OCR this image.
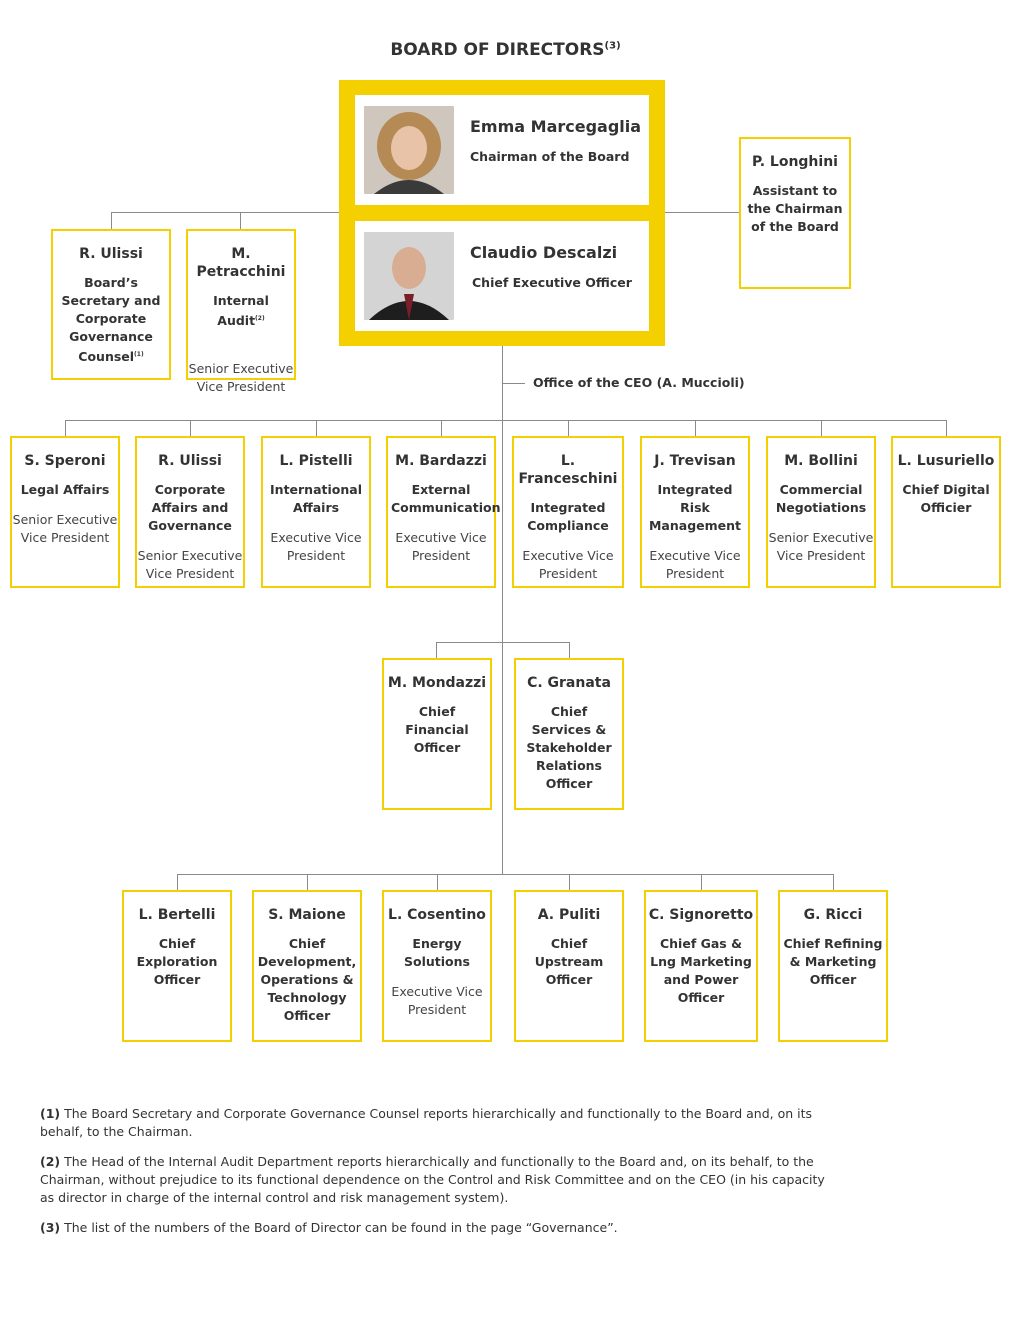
BOARD OF DIRECTORS$^{(3)}$
Emma Marcegaglia
Chairman of the Board
Claudio Descalzi
Chief Executive Officer
P. Longhini
Assistant to the Chairman of the Board
R. Ulissi
Board’s Secretary and Corporate Governance Counsel$^{(1)}$
M. Petracchini
Internal Audit$^{(2)}$
Senior Executive Vice President	Office of the CEO (A. Muccioli)
S. Speroni
Legal Affairs
Senior Executive Vice President
R. Ulissi
Corporate Affairs and Governance
Senior Executive Vice President
L. Pistelli
International Affairs
Executive Vice President
M. Bardazzi
External Communication
Executive Vice President
L. Franceschini
Integrated Compliance
Executive Vice President
J. Trevisan
Integrated Risk Management
Executive Vice President
M. Bollini
Commercial Negotiations
Senior Executive Vice President
L. Lusuriello
Chief Digital Officier
M. Mondazzi
Chief Financial Officer
C. Granata
Chief Services & Stakeholder Relations Officer
L. Bertelli
Chief Exploration Officer
S. Maione
Chief Development, Operations & Technology Officer
L. Cosentino
Energy Solutions
Executive Vice President
A. Puliti
Chief Upstream Officer
C. Signoretto
Chief Gas & Lng Marketing and Power Officer
G. Ricci
Chief Refining & Marketing Officer

(1) The Board Secretary and Corporate Governance Counsel reports hierarchically and functionally to the Board and, on its behalf, to the Chairman.

(2) The Head of the Internal Audit Department reports hierarchically and functionally to the Board and, on its behalf, to the Chairman, without prejudice to its functional dependence on the Control and Risk Committee and on the CEO (in his capacity as director in charge of the internal control and risk management system).

(3) The list of the numbers of the Board of Director can be found in the page “Governance”.
